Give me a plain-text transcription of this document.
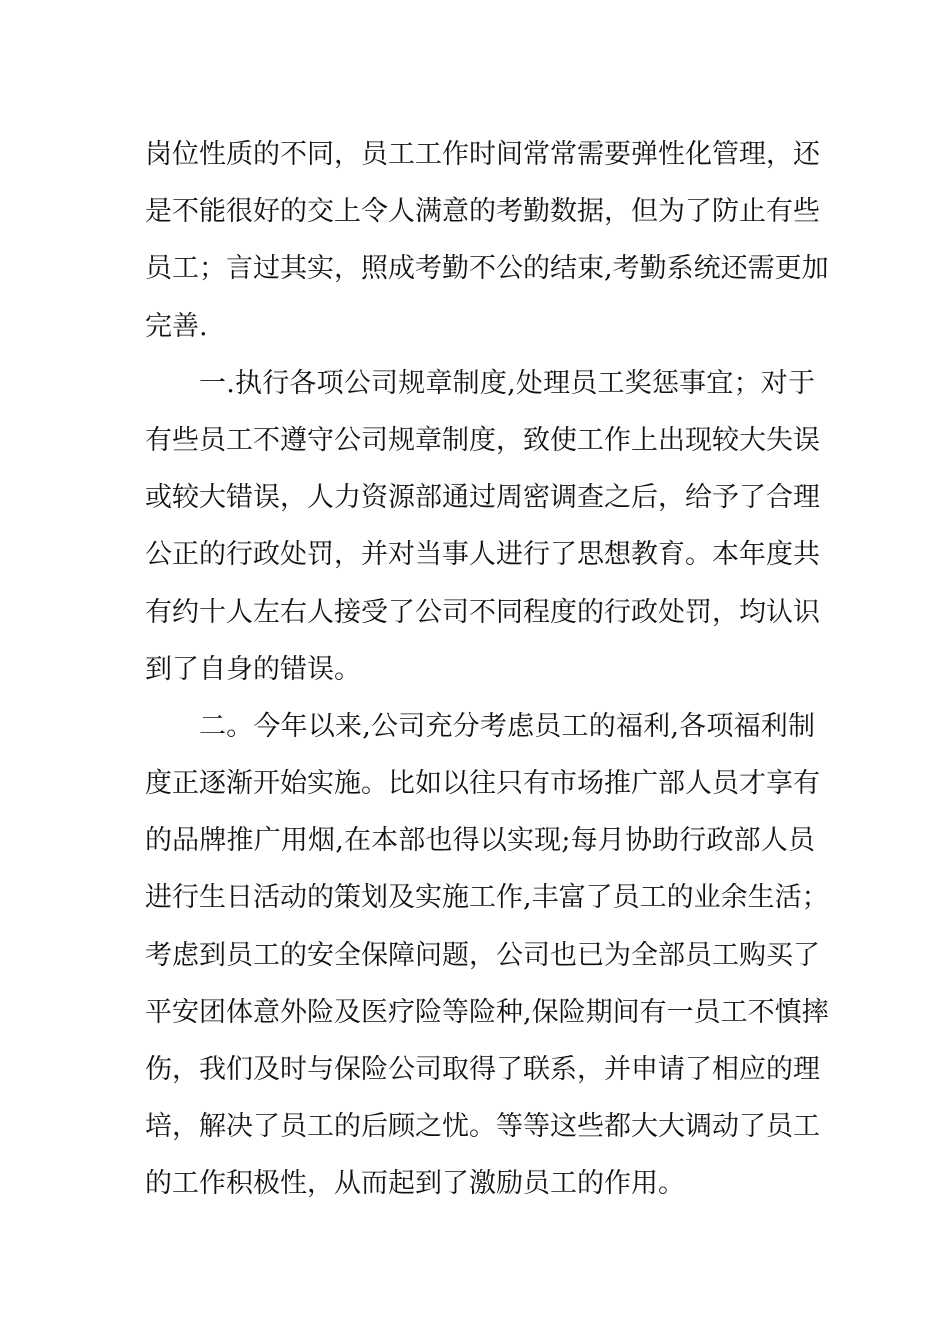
岗位性质的不同，员工工作时间常常需要弹性化管理，还
是不能很好的交上令人满意的考勤数据，但为了防止有些
员工；言过其实，照成考勤不公的结束,考勤系统还需更加
完善.
一.执行各项公司规章制度,处理员工奖惩事宜；对于
有些员工不遵守公司规章制度，致使工作上出现较大失误
或较大错误，人力资源部通过周密调查之后，给予了合理
公正的行政处罚，并对当事人进行了思想教育。本年度共
有约十人左右人接受了公司不同程度的行政处罚，均认识
到了自身的错误。
二。今年以来,公司充分考虑员工的福利,各项福利制
度正逐渐开始实施。比如以往只有市场推广部人员才享有
的品牌推广用烟,在本部也得以实现;每月协助行政部人员
进行生日活动的策划及实施工作,丰富了员工的业余生活；
考虑到员工的安全保障问题，公司也已为全部员工购买了
平安团体意外险及医疗险等险种,保险期间有一员工不慎摔
伤，我们及时与保险公司取得了联系，并申请了相应的理
培，解决了员工的后顾之忧。等等这些都大大调动了员工
的工作积极性，从而起到了激励员工的作用。
